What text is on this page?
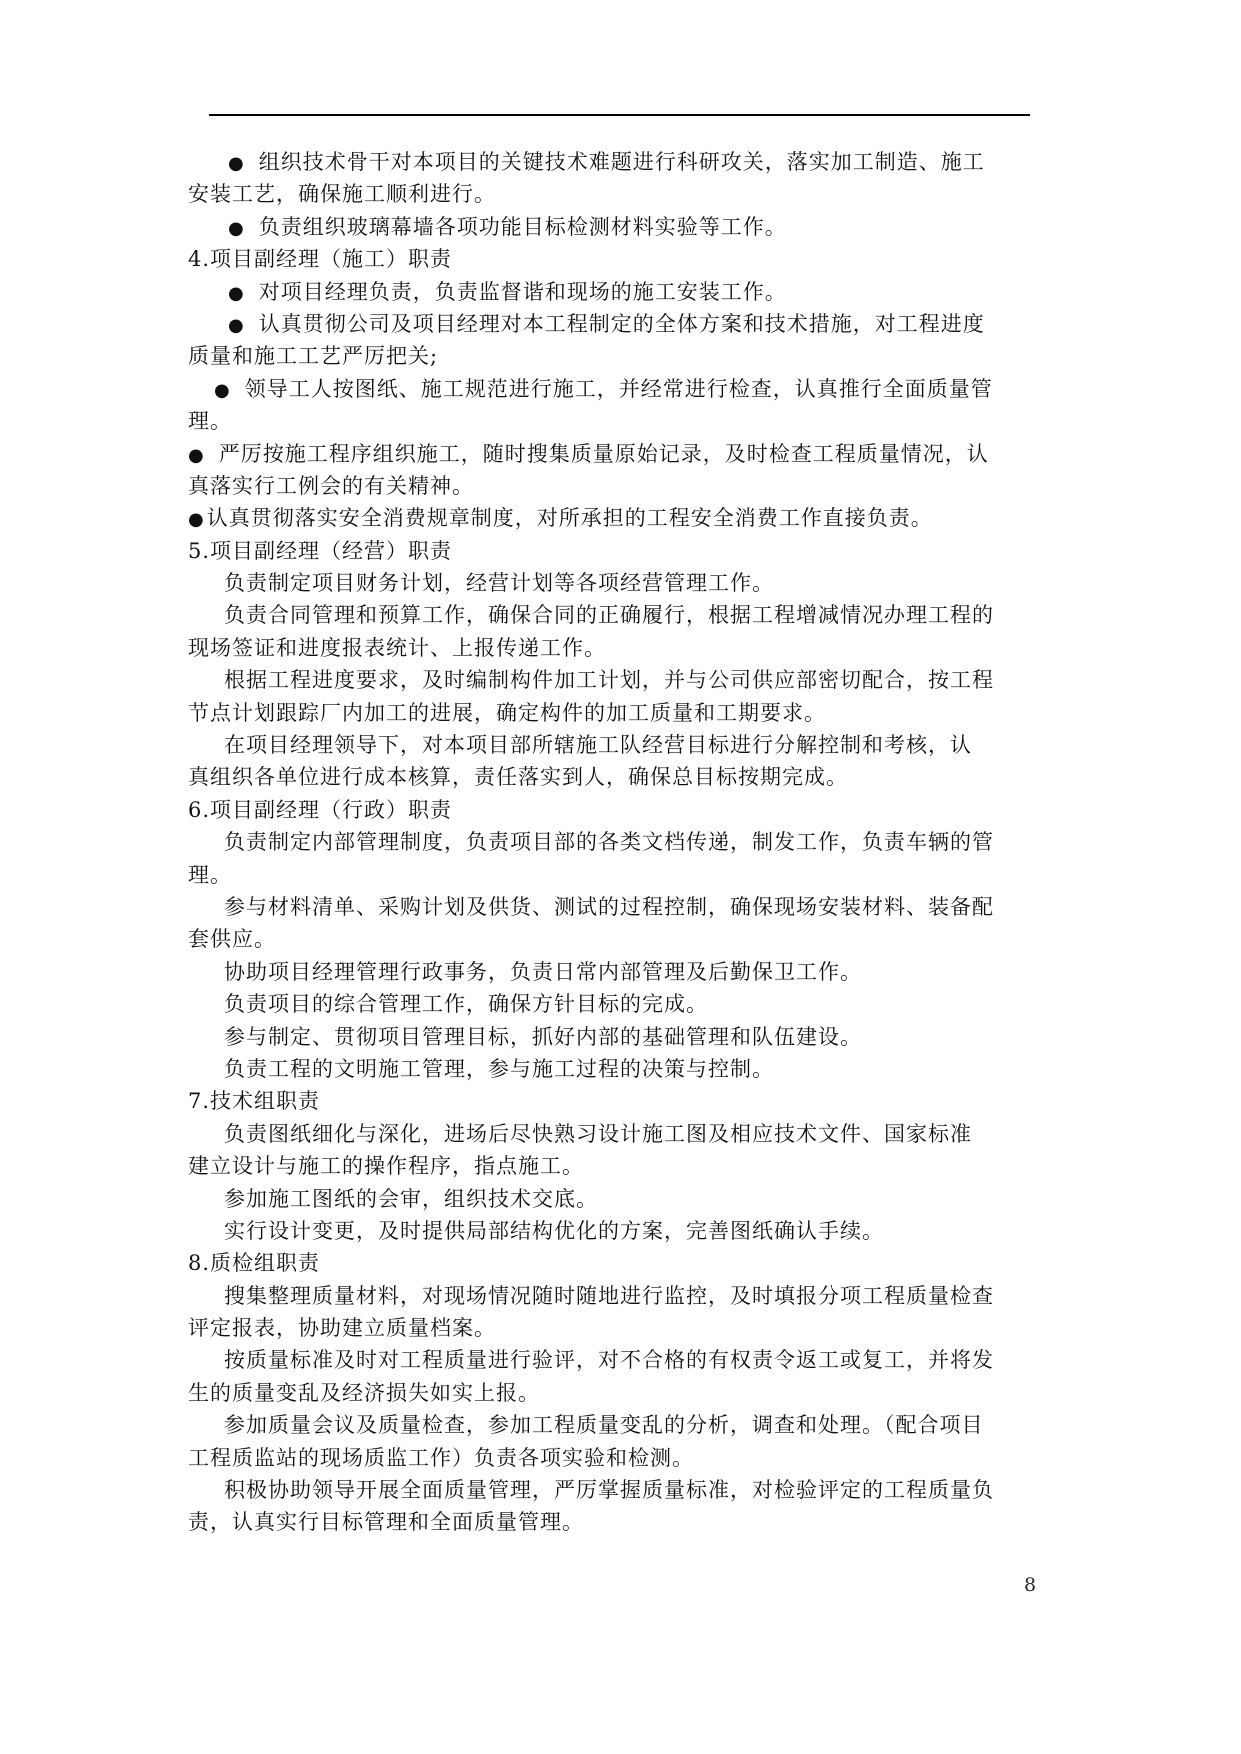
● 组织技术骨干对本项目的关键技术难题进行科研攻关，落实加工制造、施工
安装工艺，确保施工顺利进行。
● 负责组织玻璃幕墙各项功能目标检测材料实验等工作。
4.项目副经理（施工）职责
● 对项目经理负责，负责监督谐和现场的施工安装工作。
● 认真贯彻公司及项目经理对本工程制定的全体方案和技术措施，对工程进度
质量和施工工艺严厉把关;
● 领导工人按图纸、施工规范进行施工，并经常进行检查，认真推行全面质量管
理。
● 严厉按施工程序组织施工，随时搜集质量原始记录，及时检查工程质量情况，认
真落实行工例会的有关精神。
●认真贯彻落实安全消费规章制度，对所承担的工程安全消费工作直接负责。
5.项目副经理（经营）职责
负责制定项目财务计划，经营计划等各项经营管理工作。
负责合同管理和预算工作，确保合同的正确履行，根据工程增减情况办理工程的
现场签证和进度报表统计、上报传递工作。
根据工程进度要求，及时编制构件加工计划，并与公司供应部密切配合，按工程
节点计划跟踪厂内加工的进展，确定构件的加工质量和工期要求。
在项目经理领导下，对本项目部所辖施工队经营目标进行分解控制和考核，认
真组织各单位进行成本核算，责任落实到人，确保总目标按期完成。
6.项目副经理（行政）职责
负责制定内部管理制度，负责项目部的各类文档传递，制发工作，负责车辆的管
理。
参与材料清单、采购计划及供货、测试的过程控制，确保现场安装材料、装备配
套供应。
协助项目经理管理行政事务，负责日常内部管理及后勤保卫工作。
负责项目的综合管理工作，确保方针目标的完成。
参与制定、贯彻项目管理目标，抓好内部的基础管理和队伍建设。
负责工程的文明施工管理，参与施工过程的决策与控制。
7.技术组职责
负责图纸细化与深化，进场后尽快熟习设计施工图及相应技术文件、国家标准
建立设计与施工的操作程序，指点施工。
参加施工图纸的会审，组织技术交底。
实行设计变更，及时提供局部结构优化的方案，完善图纸确认手续。
8.质检组职责
搜集整理质量材料，对现场情况随时随地进行监控，及时填报分项工程质量检查
评定报表，协助建立质量档案。
按质量标准及时对工程质量进行验评，对不合格的有权责令返工或复工，并将发
生的质量变乱及经济损失如实上报。
参加质量会议及质量检查，参加工程质量变乱的分析，调查和处理。（配合项目
工程质监站的现场质监工作）负责各项实验和检测。
积极协助领导开展全面质量管理，严厉掌握质量标准，对检验评定的工程质量负
责，认真实行目标管理和全面质量管理。
8
